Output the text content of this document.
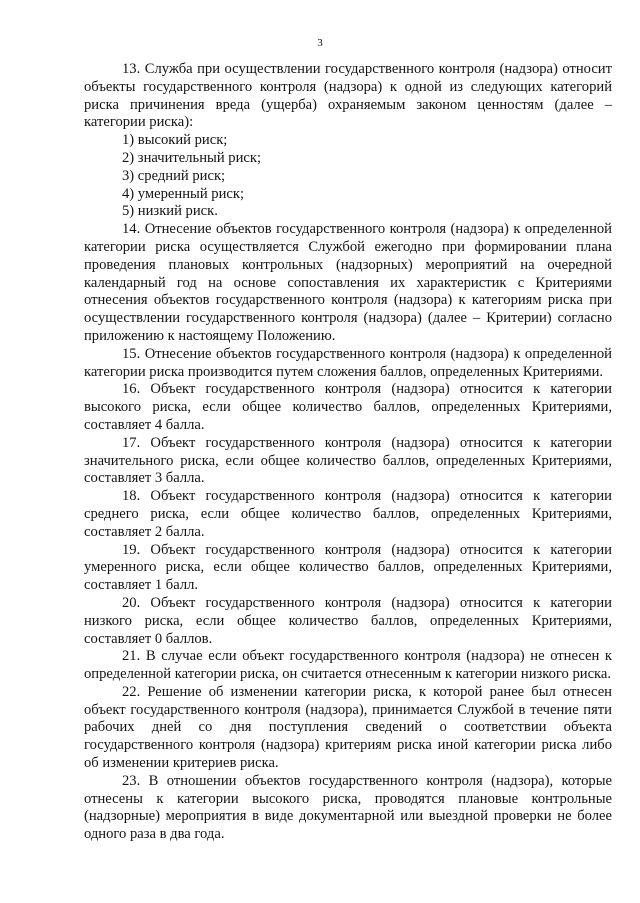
3

13. Служба при осуществлении государственного контроля (надзора) относит объекты государственного контроля (надзора) к одной из следующих категорий риска причинения вреда (ущерба) охраняемым законом ценностям (далее – категории риска):

1) высокий риск;
2) значительный риск;
3) средний риск;
4) умеренный риск;
5) низкий риск.

14. Отнесение объектов государственного контроля (надзора) к определенной категории риска осуществляется Службой ежегодно при формировании плана проведения плановых контрольных (надзорных) мероприятий на очередной календарный год на основе сопоставления их характеристик с Критериями отнесения объектов государственного контроля (надзора) к категориям риска при осуществлении государственного контроля (надзора) (далее – Критерии) согласно приложению к настоящему Положению.

15. Отнесение объектов государственного контроля (надзора) к определенной категории риска производится путем сложения баллов, определенных Критериями.

16. Объект государственного контроля (надзора) относится к категории высокого риска, если общее количество баллов, определенных Критериями, составляет 4 балла.

17. Объект государственного контроля (надзора) относится к категории значительного риска, если общее количество баллов, определенных Критериями, составляет 3 балла.

18. Объект государственного контроля (надзора) относится к категории среднего риска, если общее количество баллов, определенных Критериями, составляет 2 балла.

19. Объект государственного контроля (надзора) относится к категории умеренного риска, если общее количество баллов, определенных Критериями, составляет 1 балл.

20. Объект государственного контроля (надзора) относится к категории низкого риска, если общее количество баллов, определенных Критериями, составляет 0 баллов.

21. В случае если объект государственного контроля (надзора) не отнесен к определенной категории риска, он считается отнесенным к категории низкого риска.

22. Решение об изменении категории риска, к которой ранее был отнесен объект государственного контроля (надзора), принимается Службой в течение пяти рабочих дней со дня поступления сведений о соответствии объекта государственного контроля (надзора) критериям риска иной категории риска либо об изменении критериев риска.

23. В отношении объектов государственного контроля (надзора), которые отнесены к категории высокого риска, проводятся плановые контрольные (надзорные) мероприятия в виде документарной или выездной проверки не более одного раза в два года.
